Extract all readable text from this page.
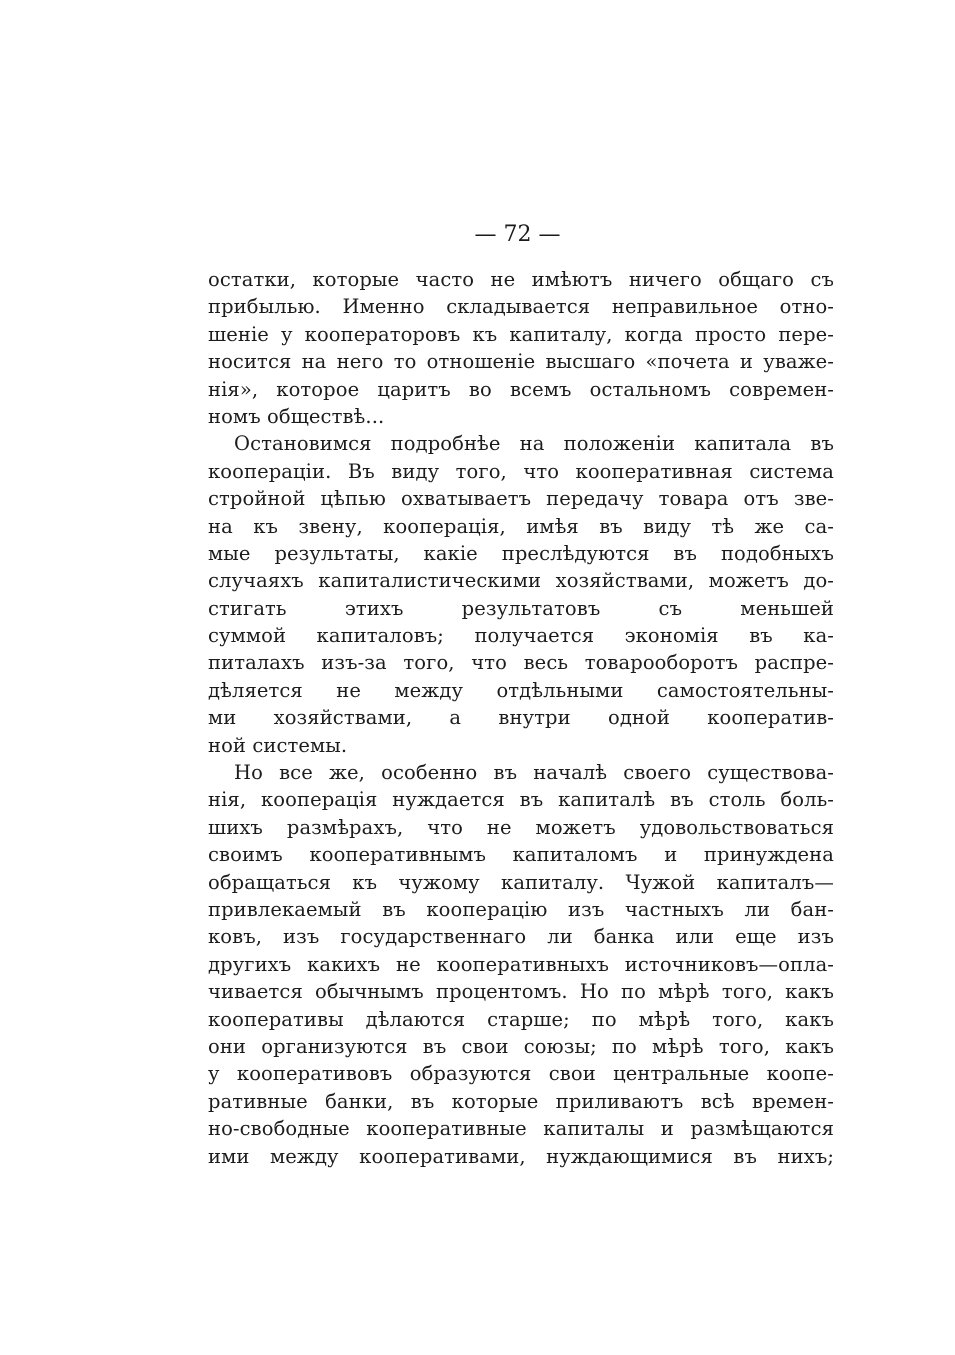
— 72 —
остатки, которые часто не имѣютъ ничего общаго съ
прибылью. Именно складывается неправильное отно-
шеніе у кооператоровъ къ капиталу, когда просто пере-
носится на него то отношеніе высшаго «почета и уваже-
нія», которое царитъ во всемъ остальномъ современ-
номъ обществѣ...
Остановимся подробнѣе на положеніи капитала въ
коопераціи. Въ виду того, что кооперативная система
стройной цѣпью охватываетъ передачу товара отъ зве-
на къ звену, кооперація, имѣя въ виду тѣ же са-
мые результаты, какіе преслѣдуются въ подобныхъ
случаяхъ капиталистическими хозяйствами, можетъ до-
стигать этихъ результатовъ съ меньшей
суммой капиталовъ; получается экономія въ ка-
питалахъ изъ-за того, что весь товарооборотъ распре-
дѣляется не между отдѣльными самостоятельны-
ми хозяйствами, а внутри одной кооператив-
ной системы.
Но все же, особенно въ началѣ своего существова-
нія, кооперація нуждается въ капиталѣ въ столь боль-
шихъ размѣрахъ, что не можетъ удовольствоваться
своимъ кооперативнымъ капиталомъ и принуждена
обращаться къ чужому капиталу. Чужой капиталъ—
привлекаемый въ кооперацію изъ частныхъ ли бан-
ковъ, изъ государственнаго ли банка или еще изъ
другихъ какихъ не кооперативныхъ источниковъ—опла-
чивается обычнымъ процентомъ. Но по мѣрѣ того, какъ
кооперативы дѣлаются старше; по мѣрѣ того, какъ
они организуются въ свои союзы; по мѣрѣ того, какъ
у кооперативовъ образуются свои центральные коопе-
ративные банки, въ которые приливаютъ всѣ времен-
но-свободные кооперативные капиталы и размѣщаются
ими между кооперативами, нуждающимися въ нихъ;
